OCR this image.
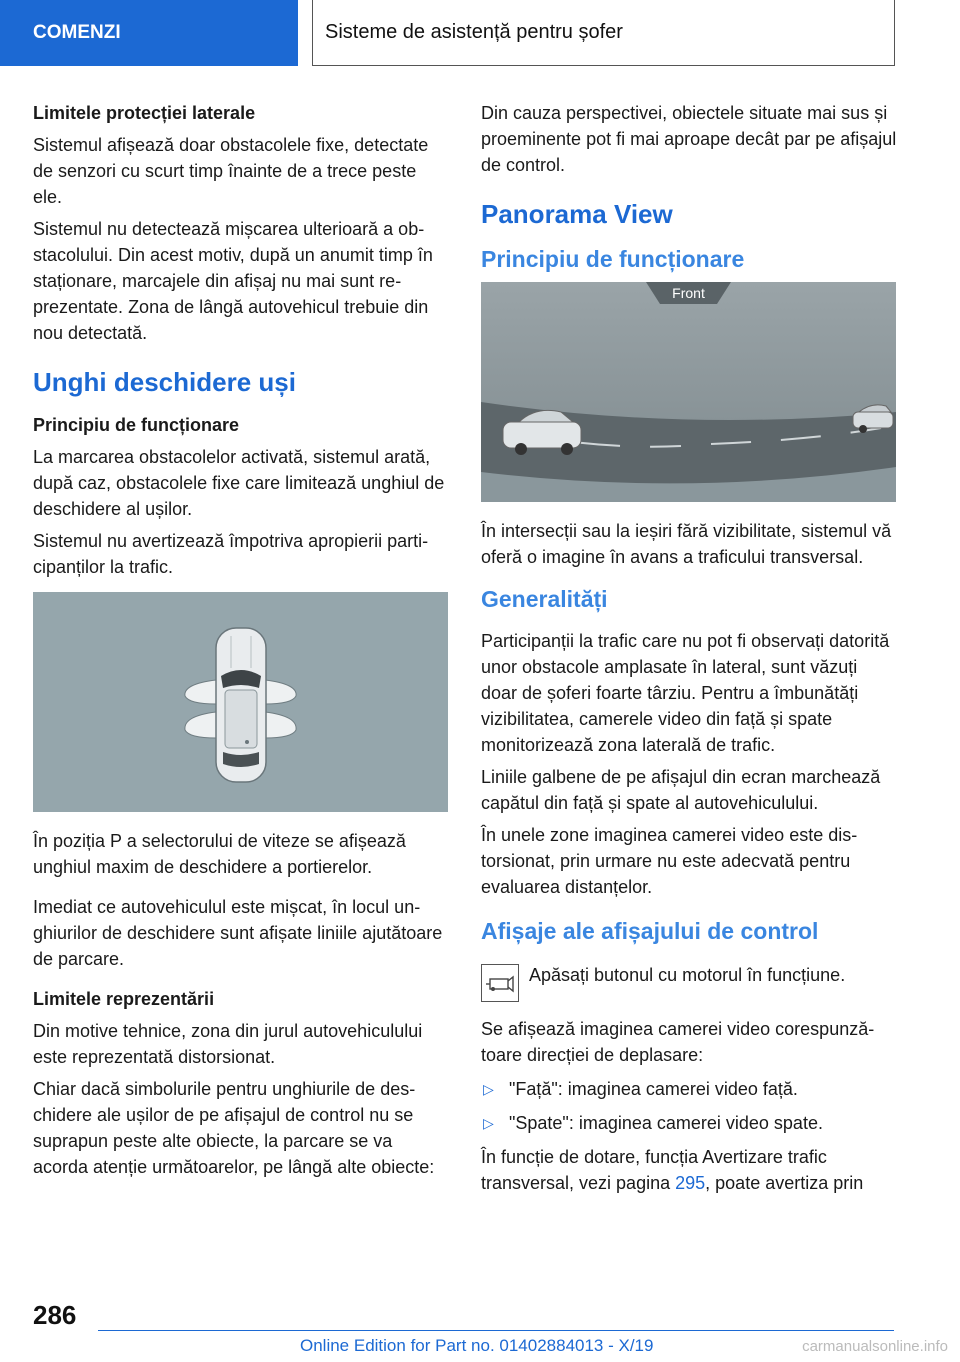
COMENZI	Sisteme de asistență pentru șofer

Limitele protecției laterale

Sistemul afișează doar obstacolele fixe, detectate de senzori cu scurt timp înainte de a trece peste ele.

Sistemul nu detectează mișcarea ulterioară a obstacolului. Din acest motiv, după un anumit timp în staționare, marcajele din afișaj nu mai sunt reprezentate. Zona de lângă autovehicul trebuie din nou detectată.

Unghi deschidere uși

Principiu de funcționare

La marcarea obstacolelor activată, sistemul arată, după caz, obstacolele fixe care limitează unghiul de deschidere al ușilor.

Sistemul nu avertizează împotriva apropierii participanților la trafic.

În poziția P a selectorului de viteze se afișează unghiul maxim de deschidere a portierelor.

Imediat ce autovehiculul este mișcat, în locul unghiurilor de deschidere sunt afișate liniile ajutătoare de parcare.

Limitele reprezentării

Din motive tehnice, zona din jurul autovehiculului este reprezentată distorsionat.

Chiar dacă simbolurile pentru unghiurile de deschidere ale ușilor de pe afișajul de control nu se suprapun peste alte obiecte, la parcare se va acorda atenție următoarelor, pe lângă alte obiecte:

Din cauza perspectivei, obiectele situate mai sus și proeminente pot fi mai aproape decât par pe afișajul de control.

Panorama View
Principiu de funcționare
Front

În intersecții sau la ieșiri fără vizibilitate, sistemul vă oferă o imagine în avans a traficului transversal.

Generalități

Participanții la trafic care nu pot fi observați datorită unor obstacole amplasate în lateral, sunt văzuți doar de șoferi foarte târziu. Pentru a îmbunătăți vizibilitatea, camerele video din față și spate monitorizează zona laterală de trafic.

Liniile galbene de pe afișajul din ecran marchează capătul din față și spate al autovehiculului.

În unele zone imaginea camerei video este distorsionat, prin urmare nu este adecvată pentru evaluarea distanțelor.

Afișaje ale afișajului de control

Apăsați butonul cu motorul în funcțiune.

Se afișează imaginea camerei video corespunzătoare direcției de deplasare:

▷ "Față": imaginea camerei video față.
▷ "Spate": imaginea camerei video spate.

În funcție de dotare, funcția Avertizare trafic transversal, vezi pagina 295, poate avertiza prin

286
Online Edition for Part no. 01402884013 - X/19	carmanualsonline.info
